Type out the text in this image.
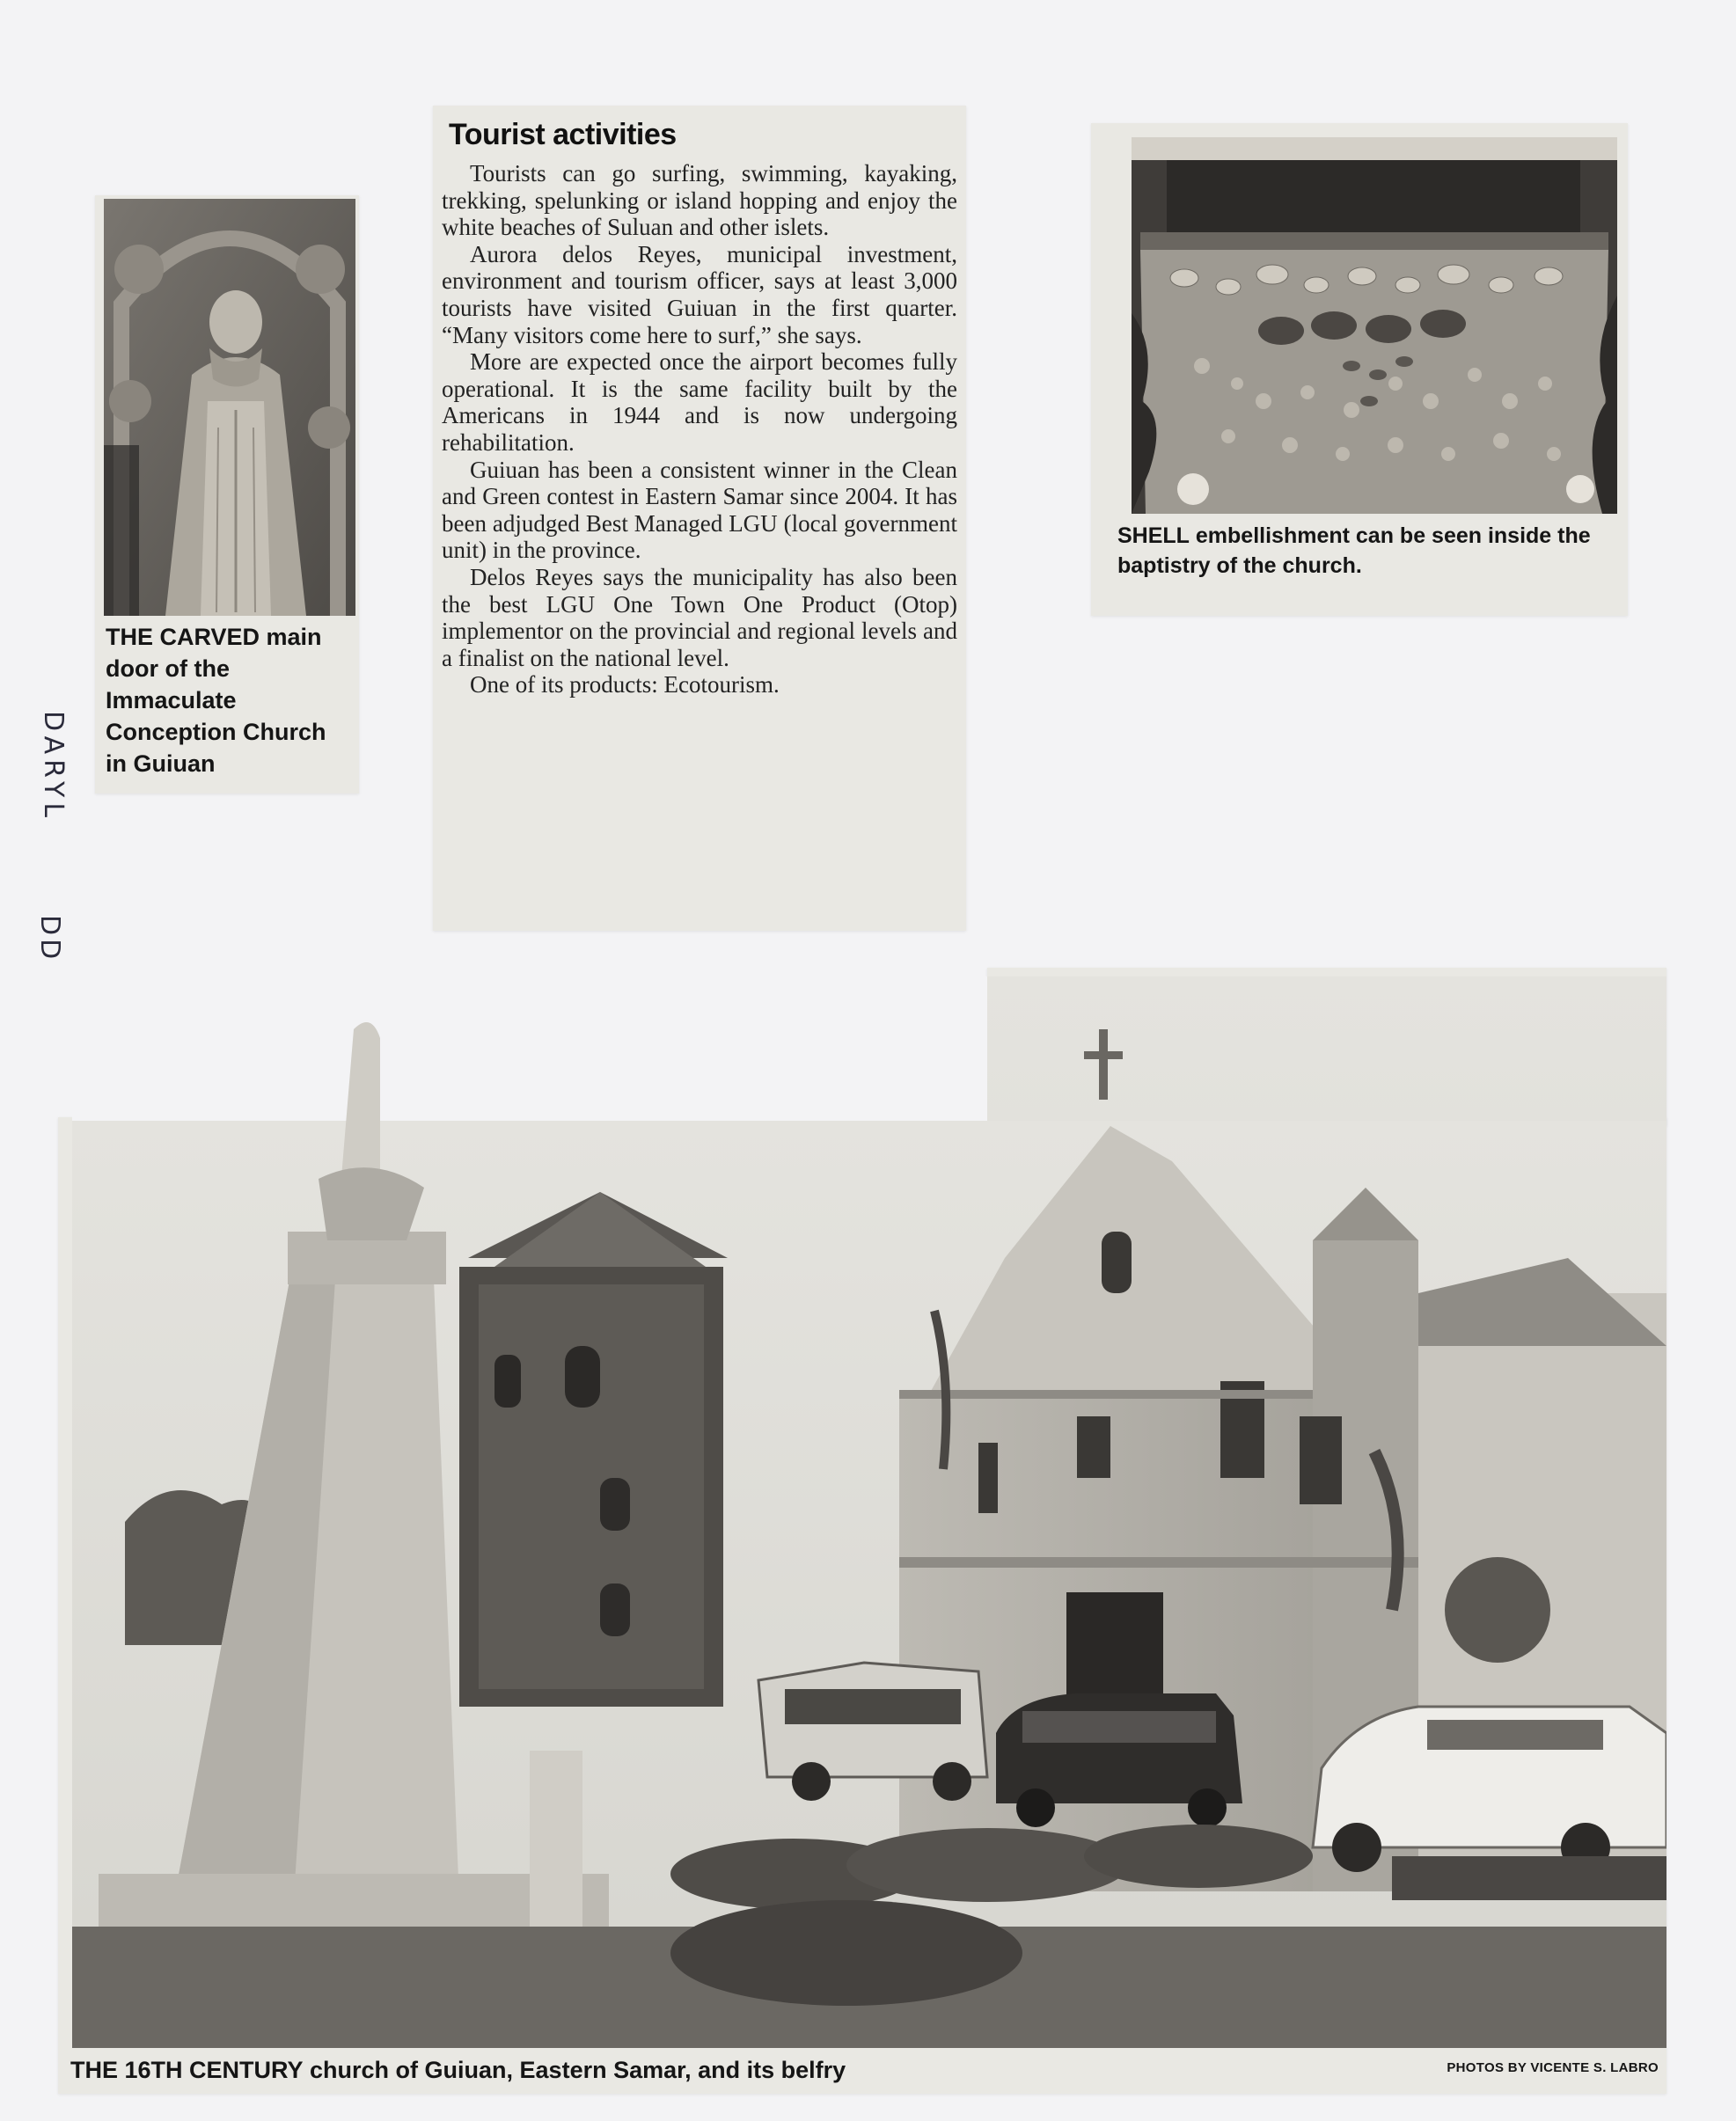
DARYL
DD
Tourist activities

Tourists can go surfing, swimming, kayaking, trekking, spelunking or island hopping and enjoy the white beaches of Suluan and other islets.

Aurora delos Reyes, municipal investment, environment and tourism officer, says at least 3,000 tourists have visited Guiuan in the first quarter. “Many visitors come here to surf,” she says.

More are expected once the airport becomes fully operational. It is the same facility built by the Americans in 1944 and is now undergoing rehabilitation.

Guiuan has been a consistent winner in the Clean and Green contest in Eastern Samar since 2004. It has been adjudged Best Managed LGU (local government unit) in the province.

Delos Reyes says the municipality has also been the best LGU One Town One Product (Otop) implementor on the provincial and regional levels and a finalist on the national level.

One of its products: Ecotourism.

THE CARVED main door of the Immaculate Conception Church in Guiuan
SHELL embellishment can be seen inside the baptistry of the church.
THE 16TH CENTURY church of Guiuan, Eastern Samar, and its belfry	PHOTOS BY VICENTE S. LABRO
